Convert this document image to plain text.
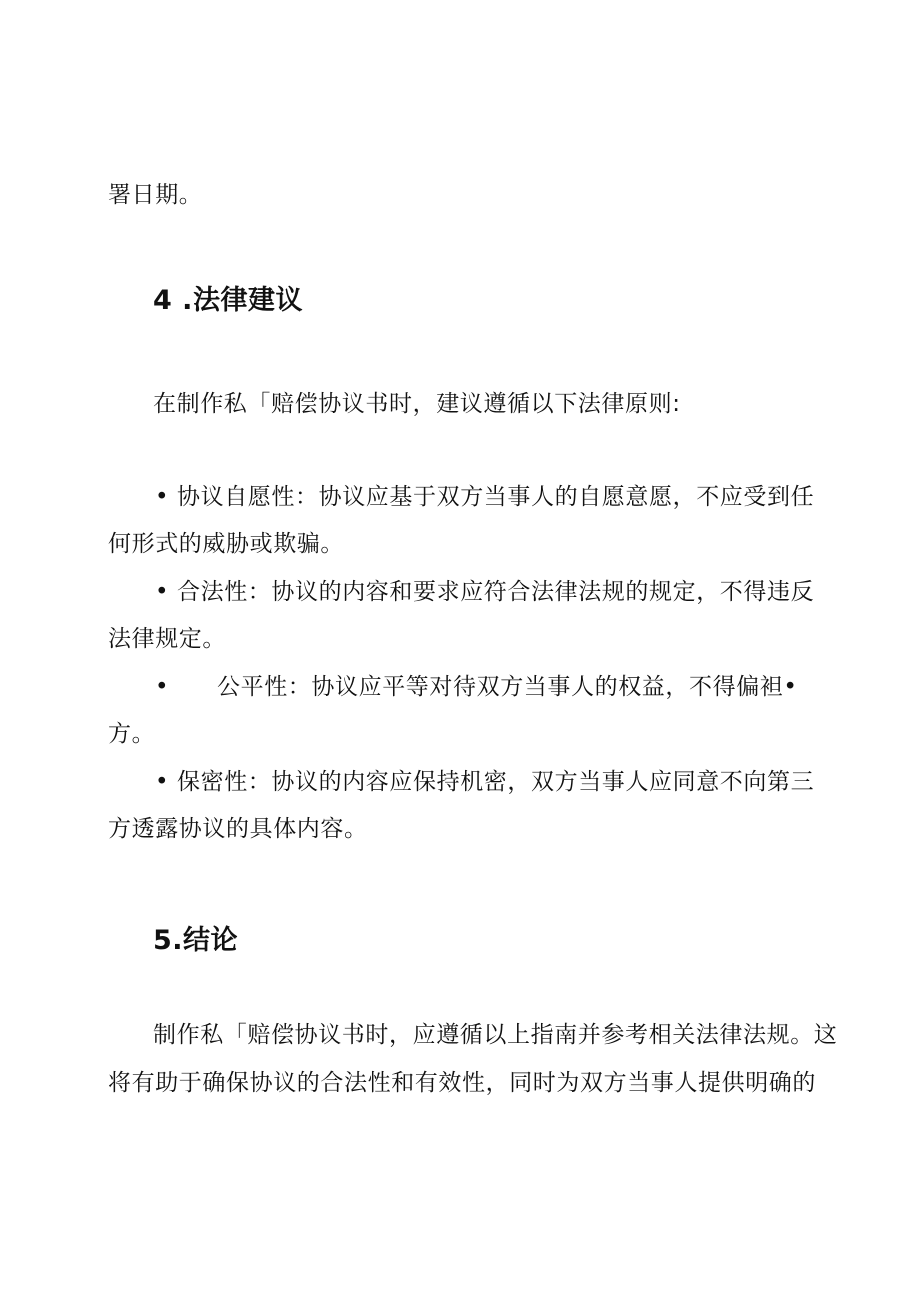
署日期。
4 .法律建议
在制作私「赔偿协议书时，建议遵循以下法律原则:
• 协议自愿性：协议应基于双方当事人的自愿意愿，不应受到任
何形式的威胁或欺骗。
• 合法性：协议的内容和要求应符合法律法规的规定，不得违反
法律规定。
• 公平性：协议应平等对待双方当事人的权益，不得偏袒•
方。
• 保密性：协议的内容应保持机密，双方当事人应同意不向第三
方透露协议的具体内容。
5.结论
制作私「赔偿协议书时，应遵循以上指南并参考相关法律法规。这
将有助于确保协议的合法性和有效性，同时为双方当事人提供明确的
